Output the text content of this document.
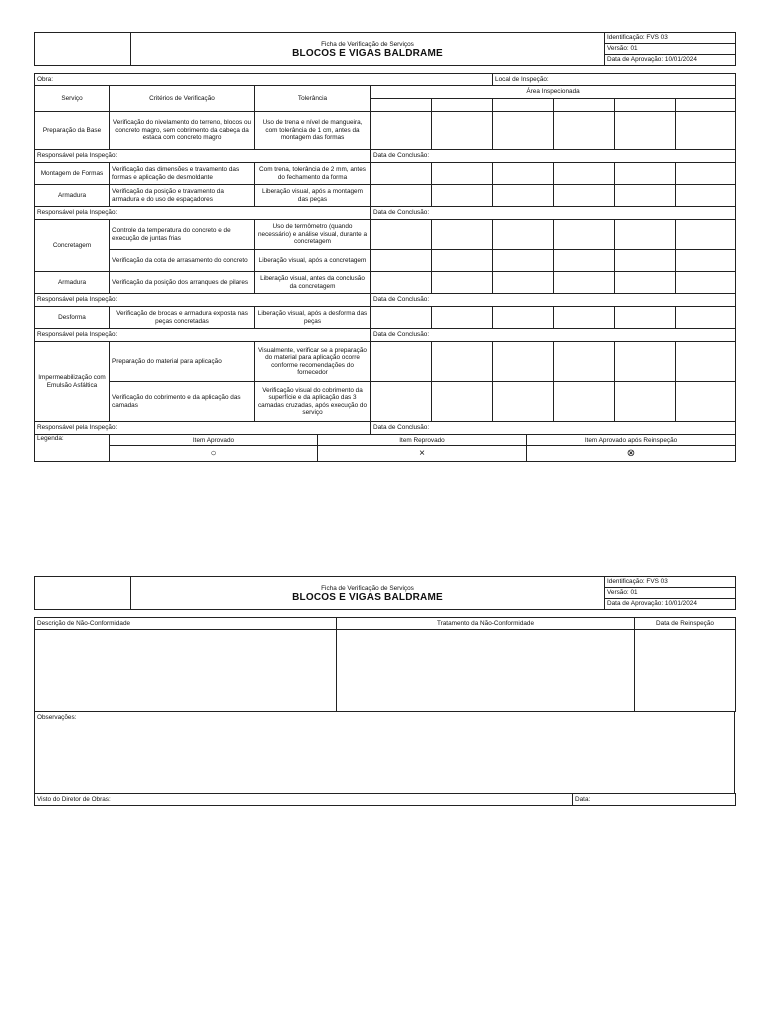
Ficha de Verificação de Serviços
BLOCOS E VIGAS BALDRAME
	Identificação: FVS 03
Versão: 01
Data de Aprovação: 10/01/2024
Obra:					Local de Inspeção:			
Serviço	Critérios de Verificação	Tolerância	Área Inspecionada					

Preparação da Base	Verificação do nivelamento do terreno, blocos ou concreto magro, sem cobrimento da cabeça da estaca com concreto magro	Uso de trena e nível de mangueira, com tolerância de 1 cm, antes da montagem das formas						
Responsável pela Inspeção:			Data de Conclusão:					
Montagem de Formas	Verificação das dimensões e travamento das formas e aplicação de desmoldante	Com trena, tolerância de 2 mm, antes do fechamento da forma						
Armadura	Verificação da posição e travamento da armadura e do uso de espaçadores	Liberação visual, após a montagem das peças						
Responsável pela Inspeção:			Data de Conclusão:					
Concretagem	Controle da temperatura do concreto e de execução de juntas frias	Uso de termômetro (quando necessário) e análise visual, durante a concretagem						
	Verificação da cota de arrasamento do concreto	Liberação visual, após a concretagem						
Armadura	Verificação da posição dos arranques de pilares	Liberação visual, antes da conclusão da concretagem						
Responsável pela Inspeção:			Data de Conclusão:					
Desforma	Verificação de brocas e armadura exposta nas peças concretadas	Liberação visual, após a desforma das peças						
Responsável pela Inspeção:			Data de Conclusão:					
Impermeabilização com Emulsão Asfáltica	Preparação do material para aplicação	Visualmente, verificar se a preparação do material para aplicação ocorre conforme recomendações do fornecedor						
	Verificação do cobrimento e da aplicação das camadas	Verificação visual do cobrimento da superfície e da aplicação das 3 camadas cruzadas, após execução do serviço						
Responsável pela Inspeção:			Data de Conclusão:					
Legenda:	Item Aprovado	Item Reprovado	Item Aprovado após Reinspeção
	○	×	⊗

Ficha de Verificação de Serviços
BLOCOS E VIGAS BALDRAME
	Identificação: FVS 03
Versão: 01
Data de Aprovação: 10/01/2024
Descrição de Não-Conformidade	Tratamento da Não-Conformidade	Data de Reinspeção

Observações:
Visto do Diretor de Obras:	Data:
